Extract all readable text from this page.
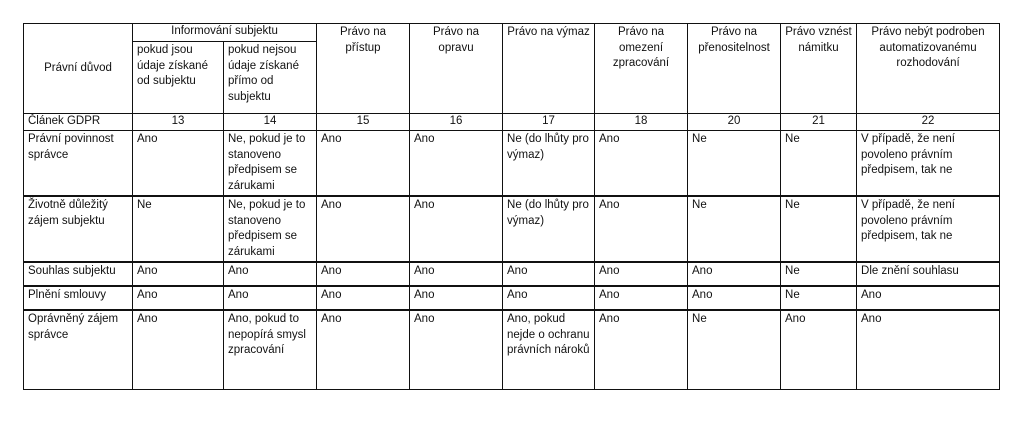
Právní důvod	Informování subjektu		Právo na přístup	Právo na opravu	Právo na výmaz	Právo na omezení zpracování	Právo na přenositelnost	Právo vznést námitku	Právo nebýt podroben automatizovanému rozhodování
	pokud jsou údaje získané od subjektu	pokud nejsou údaje získané přímo od subjektu							
Článek GDPR	13	14	15	16	17	18	20	21	22
Právní povinnost správce	Ano	Ne, pokud je to stanoveno předpisem se zárukami	Ano	Ano	Ne (do lhůty pro výmaz)	Ano	Ne	Ne	V případě, že není povoleno právním předpisem, tak ne
Životně důležitý zájem subjektu	Ne	Ne, pokud je to stanoveno předpisem se zárukami	Ano	Ano	Ne (do lhůty pro výmaz)	Ano	Ne	Ne	V případě, že není povoleno právním předpisem, tak ne
Souhlas subjektu	Ano	Ano	Ano	Ano	Ano	Ano	Ano	Ne	Dle znění souhlasu
Plnění smlouvy	Ano	Ano	Ano	Ano	Ano	Ano	Ano	Ne	Ano
Oprávněný zájem správce	Ano	Ano, pokud to nepopírá smysl zpracování	Ano	Ano	Ano, pokud nejde o ochranu právních nároků	Ano	Ne	Ano	Ano
